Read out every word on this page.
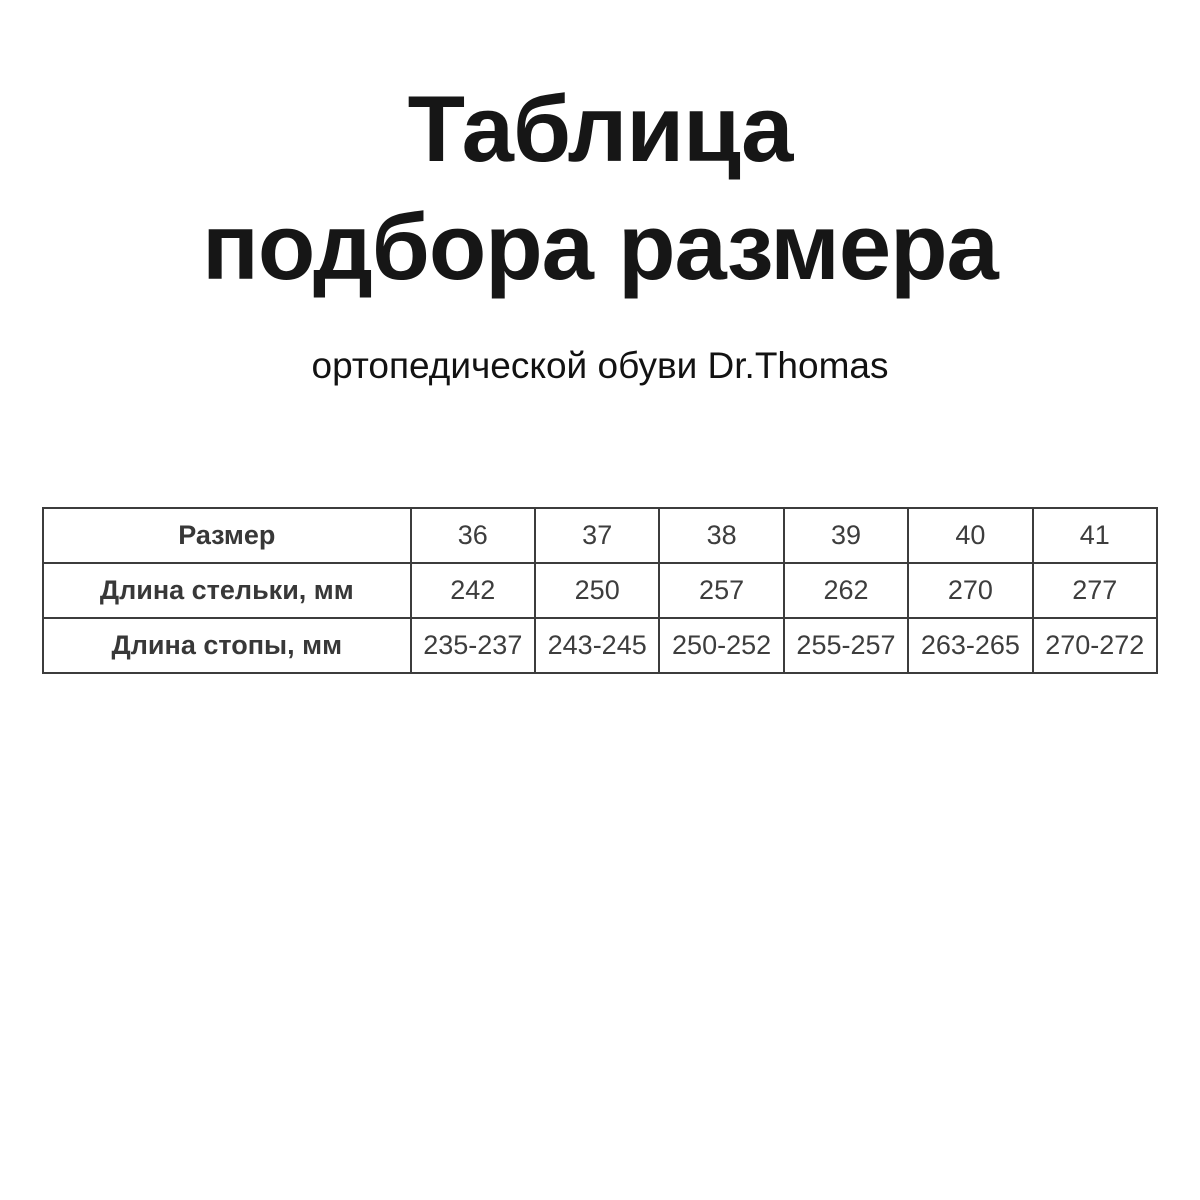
Таблица
подбора размера
ортопедической обуви Dr.Thomas
Размер	36	37	38	39	40	41
Длина стельки, мм	242	250	257	262	270	277
Длина стопы, мм	235-237	243-245	250-252	255-257	263-265	270-272
